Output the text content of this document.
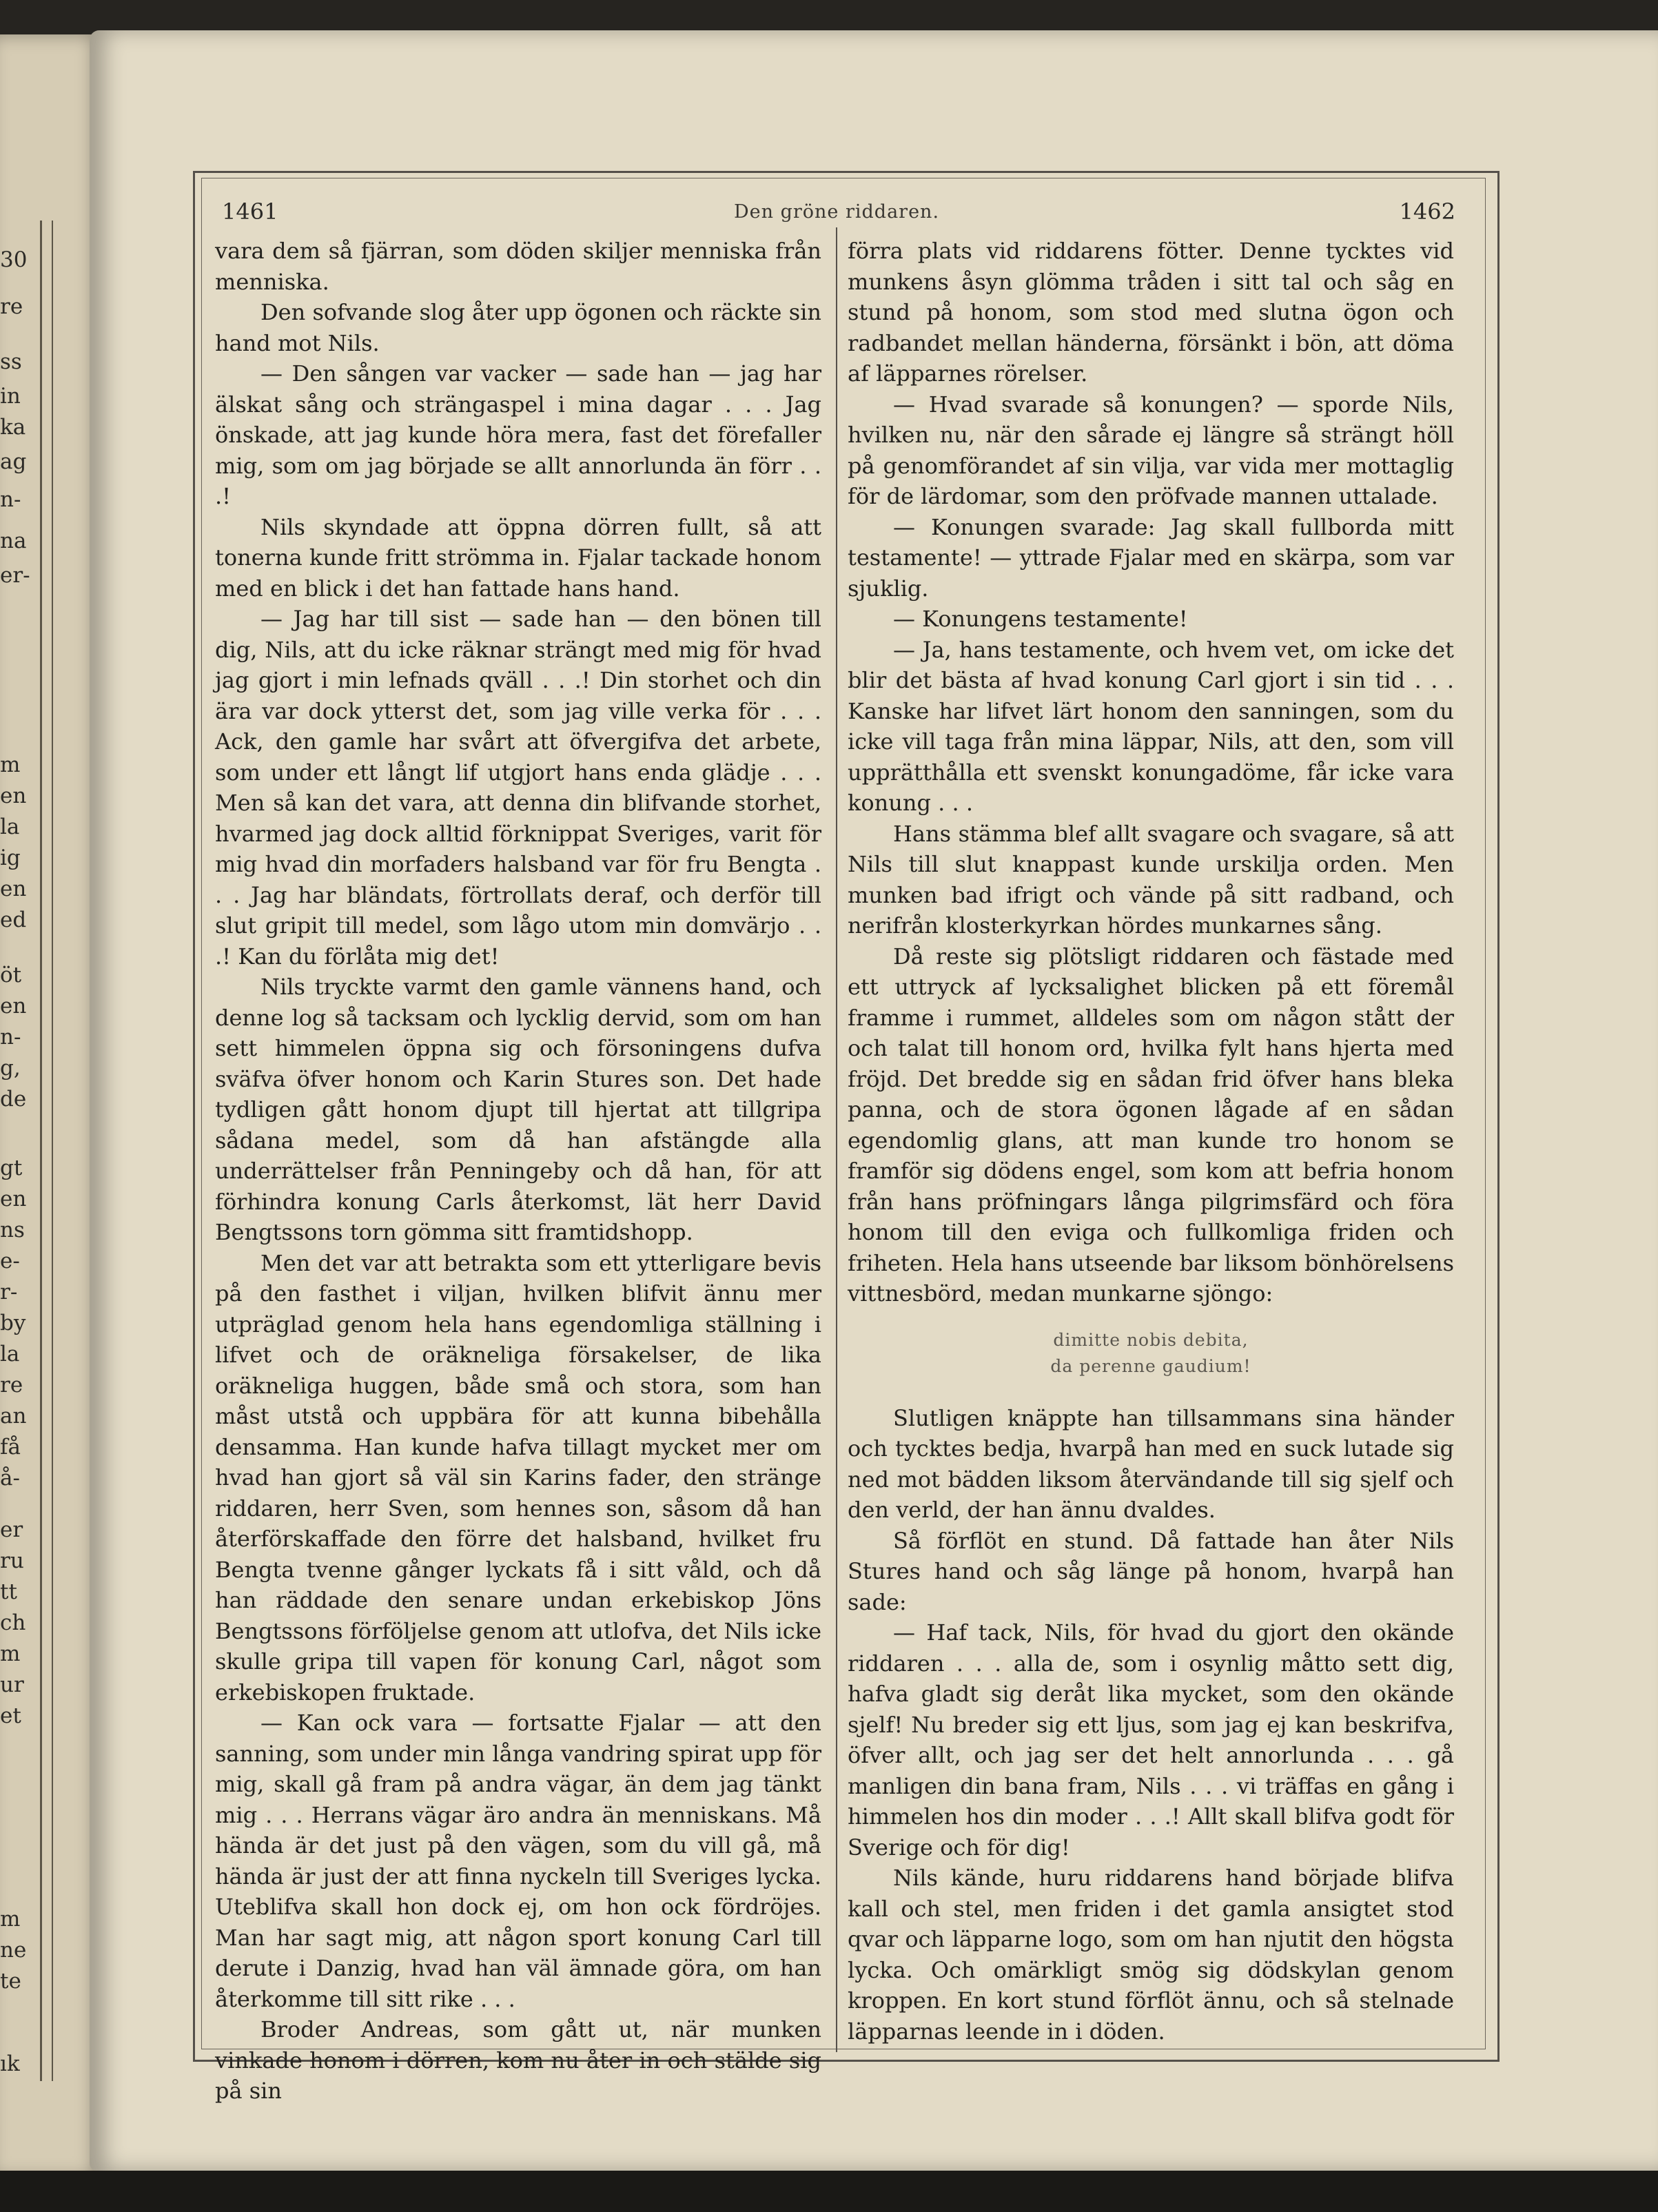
30
re
ss
in
ka
ag
n-
na
er-
m
en
la
ig
en
ed
öt
en
n-
g,
de
gt
en
ns
e-
r-
by
la
re
an
få
å-
er
ru
tt
ch
m
ur
et
m
ne
te
ık
1461	Den gröne riddaren.	1462

vara dem så fjärran, som döden skiljer menniska från menniska.

Den sofvande slog åter upp ögonen och räckte sin hand mot Nils.

— Den sången var vacker — sade han — jag har älskat sång och strängaspel i mina dagar . . . Jag önskade, att jag kunde höra mera, fast det förefaller mig, som om jag började se allt annorlunda än förr . . .!

Nils skyndade att öppna dörren fullt, så att tonerna kunde fritt strömma in. Fjalar tackade honom med en blick i det han fattade hans hand.

— Jag har till sist — sade han — den bönen till dig, Nils, att du icke räknar strängt med mig för hvad jag gjort i min lefnads qväll . . .! Din storhet och din ära var dock ytterst det, som jag ville verka för . . . Ack, den gamle har svårt att öfvergifva det arbete, som under ett långt lif utgjort hans enda glädje . . . Men så kan det vara, att denna din blifvande storhet, hvarmed jag dock alltid förknippat Sveriges, varit för mig hvad din morfaders halsband var för fru Bengta . . . Jag har bländats, förtrollats deraf, och derför till slut gripit till medel, som lågo utom min domvärjo . . .! Kan du förlåta mig det!

Nils tryckte varmt den gamle vännens hand, och denne log så tacksam och lycklig dervid, som om han sett himmelen öppna sig och försoningens dufva sväfva öfver honom och Karin Stures son. Det hade tydligen gått honom djupt till hjertat att tillgripa sådana medel, som då han afstängde alla underrättelser från Penningeby och då han, för att förhindra konung Carls återkomst, lät herr David Bengtssons torn gömma sitt framtidshopp.

Men det var att betrakta som ett ytterligare bevis på den fasthet i viljan, hvilken blifvit ännu mer utpräglad genom hela hans egendomliga ställning i lifvet och de oräkneliga försakelser, de lika oräkneliga huggen, både små och stora, som han måst utstå och uppbära för att kunna bibehålla densamma. Han kunde hafva tillagt mycket mer om hvad han gjort så väl sin Karins fader, den stränge riddaren, herr Sven, som hennes son, såsom då han återförskaffade den förre det halsband, hvilket fru Bengta tvenne gånger lyckats få i sitt våld, och då han räddade den senare undan erkebiskop Jöns Bengtssons förföljelse genom att utlofva, det Nils icke skulle gripa till vapen för konung Carl, något som erkebiskopen fruktade.

— Kan ock vara — fortsatte Fjalar — att den sanning, som under min långa vandring spirat upp för mig, skall gå fram på andra vägar, än dem jag tänkt mig . . . Herrans vägar äro andra än menniskans. Må hända är det just på den vägen, som du vill gå, må hända är just der att finna nyckeln till Sveriges lycka. Uteblifva skall hon dock ej, om hon ock fördröjes. Man har sagt mig, att någon sport konung Carl till derute i Danzig, hvad han väl ämnade göra, om han återkomme till sitt rike . . .

Broder Andreas, som gått ut, när munken vinkade honom i dörren, kom nu åter in och stälde sig på sin

förra plats vid riddarens fötter. Denne tycktes vid munkens åsyn glömma tråden i sitt tal och såg en stund på honom, som stod med slutna ögon och radbandet mellan händerna, försänkt i bön, att döma af läpparnes rörelser.

— Hvad svarade så konungen? — sporde Nils, hvilken nu, när den sårade ej längre så strängt höll på genomförandet af sin vilja, var vida mer mottaglig för de lärdomar, som den pröfvade mannen uttalade.

— Konungen svarade: Jag skall fullborda mitt testamente! — yttrade Fjalar med en skärpa, som var sjuklig.

— Konungens testamente!

— Ja, hans testamente, och hvem vet, om icke det blir det bästa af hvad konung Carl gjort i sin tid . . . Kanske har lifvet lärt honom den sanningen, som du icke vill taga från mina läppar, Nils, att den, som vill upprätthålla ett svenskt konungadöme, får icke vara konung . . .

Hans stämma blef allt svagare och svagare, så att Nils till slut knappast kunde urskilja orden. Men munken bad ifrigt och vände på sitt radband, och nerifrån klosterkyrkan hördes munkarnes sång.

Då reste sig plötsligt riddaren och fästade med ett uttryck af lycksalighet blicken på ett föremål framme i rummet, alldeles som om någon stått der och talat till honom ord, hvilka fylt hans hjerta med fröjd. Det bredde sig en sådan frid öfver hans bleka panna, och de stora ögonen lågade af en sådan egendomlig glans, att man kunde tro honom se framför sig dödens engel, som kom att befria honom från hans pröfningars långa pilgrimsfärd och föra honom till den eviga och fullkomliga friden och friheten. Hela hans utseende bar liksom bönhörelsens vittnesbörd, medan munkarne sjöngo:

dimitte nobis debita,
da perenne gaudium!

Slutligen knäppte han tillsammans sina händer och tycktes bedja, hvarpå han med en suck lutade sig ned mot bädden liksom återvändande till sig sjelf och den verld, der han ännu dvaldes.

Så förflöt en stund. Då fattade han åter Nils Stures hand och såg länge på honom, hvarpå han sade:

— Haf tack, Nils, för hvad du gjort den okände riddaren . . . alla de, som i osynlig måtto sett dig, hafva gladt sig deråt lika mycket, som den okände sjelf! Nu breder sig ett ljus, som jag ej kan beskrifva, öfver allt, och jag ser det helt annorlunda . . . gå manligen din bana fram, Nils . . . vi träffas en gång i himmelen hos din moder . . .! Allt skall blifva godt för Sverige och för dig!

Nils kände, huru riddarens hand började blifva kall och stel, men friden i det gamla ansigtet stod qvar och läpparne logo, som om han njutit den högsta lycka. Och omärkligt smög sig dödskylan genom kroppen. En kort stund förflöt ännu, och så stelnade läpparnas leende in i döden.
